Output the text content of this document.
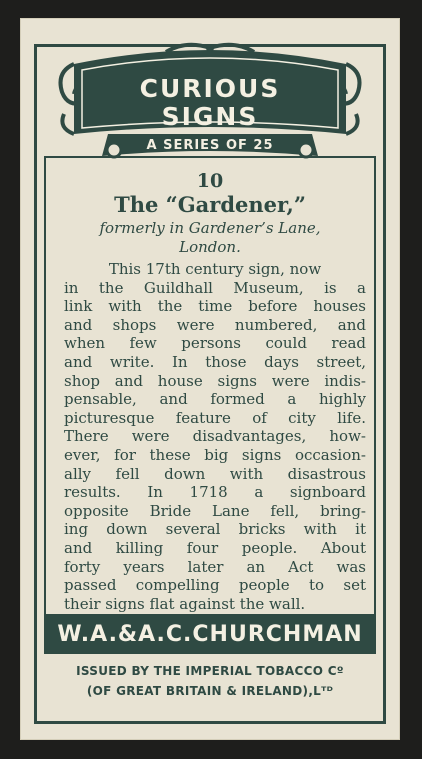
CURIOUS
SIGNS
A SERIES OF 25
10
The “Gardener,”
formerly in Gardener’s Lane,
London.
This 17th century sign, now
in the Guildhall Museum, is a
link with the time before houses
and shops were numbered, and
when few persons could read
and write. In those days street,
shop and house signs were indis-
pensable, and formed a highly
picturesque feature of city life.
There were disadvantages, how-
ever, for these big signs occasion-
ally fell down with disastrous
results. In 1718 a signboard
opposite Bride Lane fell, bring-
ing down several bricks with it
and killing four people. About
forty years later an Act was
passed compelling people to set
their signs flat against the wall.
W.A.&A.C.CHURCHMAN
ISSUED BY THE IMPERIAL TOBACCO Cº
(OF GREAT BRITAIN & IRELAND),Lᵀᴰ
